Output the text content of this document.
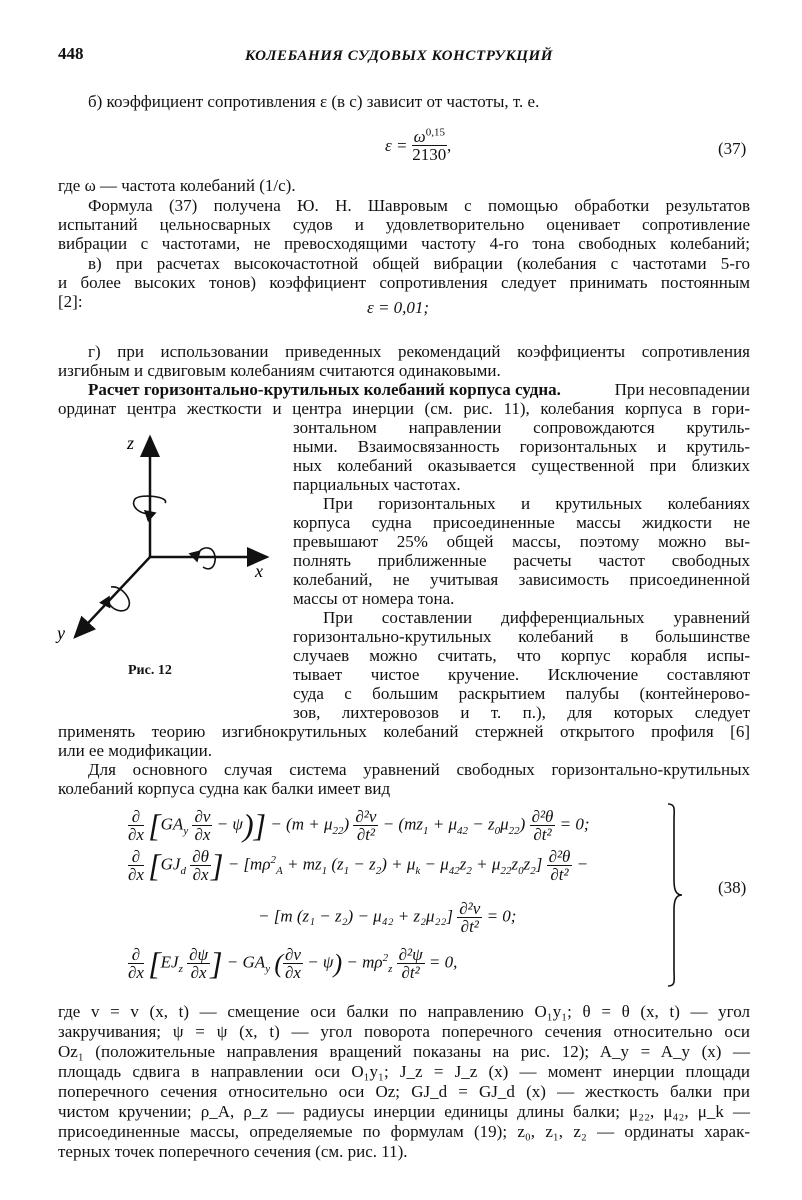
448	КОЛЕБАНИЯ СУДОВЫХ КОНСТРУКЦИЙ
б) коэффициент сопротивления ε (в с) зависит от частоты, т. е.
$\varepsilon = \frac{\omega^{0,15}}{2130}$ ,	(37)
где ω — частота колебаний (1/с).
Формула (37) получена Ю. Н. Шавровым с помощью обработки результатов
испытаний цельносварных судов и удовлетворительно оценивает сопротивление
вибрации с частотами, не превосходящими частоту 4-го тона свободных колебаний;
в) при расчетах высокочастотной общей вибрации (колебания с частотами 5-го
и более высоких тонов) коэффициент сопротивления следует принимать постоянным
[2]:	ε = 0,01;
г) при использовании приведенных рекомендаций коэффициенты сопротивления
изгибным и сдвиговым колебаниям считаются одинаковыми.
Расчет горизонтально-крутильных колебаний корпуса судна.	При несовпадении
ординат центра жесткости и центра инерции (см. рис. 11), колебания корпуса в гори-
зонтальном направлении сопровождаются крутиль-
ными. Взаимосвязанность горизонтальных и крутиль-
ных колебаний оказывается существенной при близких
парциальных частотах.
При горизонтальных и крутильных колебаниях
корпуса судна присоединенные массы жидкости не
превышают 25% общей массы, поэтому можно вы-
полнять приближенные расчеты частот свободных
колебаний, не учитывая зависимость присоединенной
массы от номера тона.
При составлении дифференциальных уравнений
горизонтально-крутильных колебаний в большинстве
случаев можно считать, что корпус корабля испы-
тывает чистое кручение. Исключение составляют
суда с большим раскрытием палубы (контейнерово-
зов, лихтеровозов и т. п.), для которых следует
применять теорию изгибнокрутильных колебаний стержней открытого профиля [6]
или ее модификации.
Для основного случая система уравнений свободных горизонтально-крутильных
колебаний корпуса судна как балки имеет вид
z
x
y
Рис. 12
$\frac{\partial}{\partial x} [GA_y \frac{\partial v}{\partial x} - \psi)] - (m + \mu_{22}) \frac{\text{∂²v}}{\text{∂t²}} - (mz_1 + \mu_{42} - z_0\mu_{22}) \frac{\text{∂²θ}}{\text{∂t²}} = 0$;
$\frac{\partial}{\partial x} [GJ_d \frac{\partial\theta}{\partial x}$ ] − [$m\rho^2_A + mz_1$ $(z_1 - z_2) + \mu_k - \mu_{42}z_2 + \mu_{22}z_0z_2] \frac{\text{∂²θ}}{\text{∂t²}}$ −
− [m $(z_1 - z_2) - \mu_{42} + z_2\mu_{22}] \frac{\text{∂²v}}{\text{∂t²}} = 0$;
$\frac{\partial}{\partial x} [EJ_z \frac{\partial\psi}{\partial x}$ ] − $GA_y$ ( $\frac{\partial v}{\partial x} - \psi) - m\rho^2_z \frac{\text{∂²ψ}}{\text{∂t²}} = 0$,
(38)
где v = v (x, t) — смещение оси балки по направлению O₁y₁; θ = θ (x, t) — угол
закручивания; ψ = ψ (x, t) — угол поворота поперечного сечения относительно оси
Oz₁ (положительные направления вращений показаны на рис. 12); A_y = A_y (x) —
площадь сдвига в направлении оси O₁y₁; J_z = J_z (x) — момент инерции площади
поперечного сечения относительно оси Oz; GJ_d = GJ_d (x) — жесткость балки при
чистом кручении; ρ_A, ρ_z — радиусы инерции единицы длины балки; μ₂₂, μ₄₂, μ_k —
присоединенные массы, определяемые по формулам (19); z₀, z₁, z₂ — ординаты харак-
терных точек поперечного сечения (см. рис. 11).
